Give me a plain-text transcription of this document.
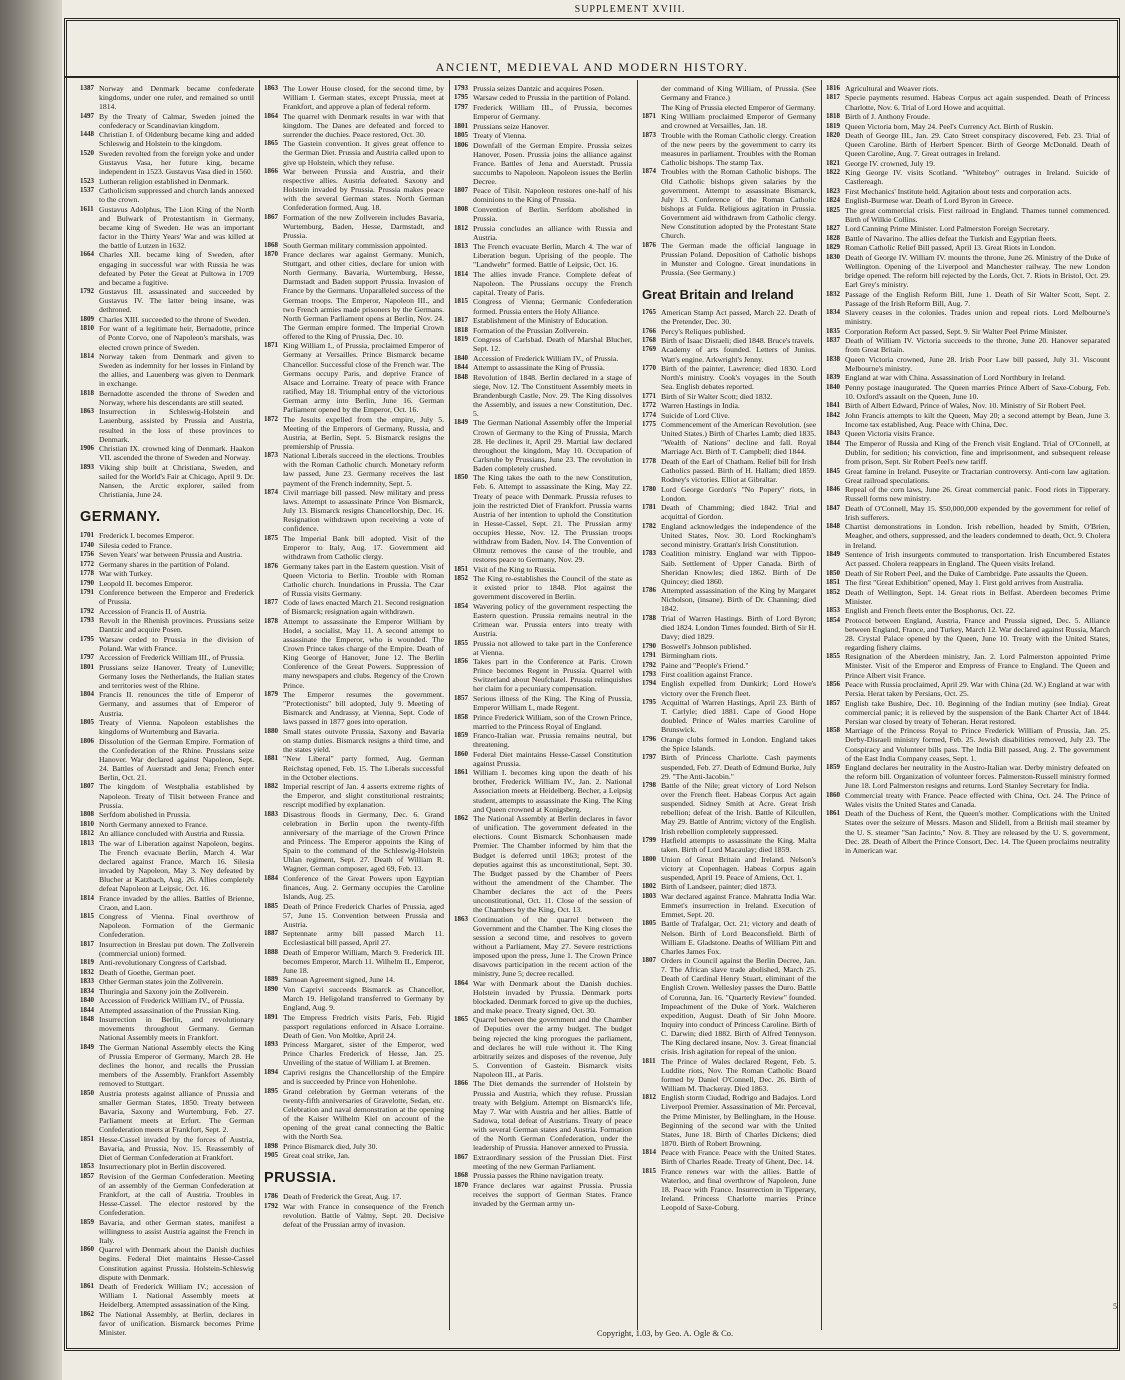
SUPPLEMENT XVIII.
ANCIENT, MEDIEVAL AND MODERN HISTORY.
1387 Norway and Denmark became confederate kingdoms, under one ruler, and remained so until 1814.
1497 By the Treaty of Calmar, Sweden joined the confederacy or Scandinavian kingdom.
1448 Christian I. of Oldenburg became king and added Schleswig and Holstein to the kingdom.
1520 Sweden revolted from the foreign yoke and under Gustavus Vasa, her future king, became independent in 1523. Gustavus Vasa died in 1560.
1523 Lutheran religion established in Denmark.
1537 Catholicism suppressed and church lands annexed to the crown.
1611 Gustavus Adolphus, The Lion King of the North and Bulwark of Protestantism in Germany, became king of Sweden. He was an important factor in the Thirty Years' War and was killed at the battle of Lutzen in 1632.
1664 Charles XII. became king of Sweden, after engaging in successful war with Russia he was defeated by Peter the Great at Pultowa in 1709 and became a fugitive.
1792 Gustavus III. assassinated and succeeded by Gustavus IV. The latter being insane, was dethroned.
1809 Charles XIII. succeeded to the throne of Sweden.
1810 For want of a legitimate heir, Bernadotte, prince of Ponte Corvo, one of Napoleon's marshals, was elected crown prince of Sweden.
1814 Norway taken from Denmark and given to Sweden as indemnity for her losses in Finland by the allies, and Lauenberg was given to Denmark in exchange.
1818 Bernadotte ascended the throne of Sweden and Norway, where his descendants are still seated.
1863 Insurrection in Schleswig-Holstein and Lauenburg, assisted by Prussia and Austria, resulted in the loss of these provinces to Denmark.
1906 Christian IX. crowned king of Denmark. Haakon VII. ascended the throne of Sweden and Norway.
1893 Viking ship built at Christiana, Sweden, and sailed for the World's Fair at Chicago, April 9. Dr. Nansen, the Arctic explorer, sailed from Christiania, June 24.
GERMANY.
1701 Frederick I. becomes Emperor.
1740 Silesia ceded to France.
1756 Seven Years' war between Prussia and Austria.
1772 Germany shares in the partition of Poland.
1778 War with Turkey.
1790 Leopold II. becomes Emperor.
1791 Conference between the Emperor and Frederick of Prussia.
1792 Accession of Francis II. of Austria.
1793 Revolt in the Rhenish provinces. Prussians seize Dantzic and acquire Posen.
1795 Warsaw ceded to Prussia in the division of Poland. War with France.
1797 Accession of Frederick William III., of Prussia.
1801 Prussians seize Hanover. Treaty of Luneville; Germany loses the Netherlands, the Italian states and territories west of the Rhine.
1804 Francis II. renounces the title of Emperor of Germany, and assumes that of Emperor of Austria.
1805 Treaty of Vienna. Napoleon establishes the kingdoms of Wurtemburg and Bavaria.
1806 Dissolution of the German Empire. Formation of the Confederation of the Rhine. Prussians seize Hanover. War declared against Napoleon, Sept. 24. Battles of Auerstadt and Jena; French enter Berlin, Oct. 21.
1807 The kingdom of Westphalia established by Napoleon. Treaty of Tilsit between France and Prussia.
1808 Serfdom abolished in Prussia.
1810 North Germany annexed to France.
1812 An alliance concluded with Austria and Russia.
1813 The war of Liberation against Napoleon, begins. The French evacuate Berlin, March 4. War declared against France, March 16. Silesia invaded by Napoleon, May 3. Ney defeated by Blucher at Katzbach, Aug. 26. Allies completely defeat Napoleon at Leipsic, Oct. 16.
1814 France invaded by the allies. Battles of Brienne, Craon, and Laon.
1815 Congress of Vienna. Final overthrow of Napoleon. Formation of the Germanic Confederation.
1817 Insurrection in Breslau put down. The Zollverein (commercial union) formed.
1819 Anti-revolutionary Congress of Carlsbad.
1832 Death of Goethe, German poet.
1833 Other German states join the Zollverein.
1834 Thuringia and Saxony join the Zollverein.
1840 Accession of Frederick William IV., of Prussia.
1844 Attempted assassination of the Prussian King.
1848 Insurrection in Berlin, and revolutionary movements throughout Germany. German National Assembly meets in Frankfort.
1849 The German National Assembly elects the King of Prussia Emperor of Germany, March 28. He declines the honor, and recalls the Prussian members of the Assembly. Frankfort Assembly removed to Stuttgart.
1850 Austria protests against alliance of Prussia and smaller German States, 1850. Treaty between Bavaria, Saxony and Wurtemburg, Feb. 27. Parliament meets at Erfurt. The German Confederation meets at Frankfort, Sept. 2.
1851 Hesse-Cassel invaded by the forces of Austria, Bavaria, and Prussia, Nov. 15. Reassembly of Diet of German Confederation at Frankfort.
1853 Insurrectionary plot in Berlin discovered.
1857 Revision of the German Confederation. Meeting of an assembly of the German Confederation at Frankfort, at the call of Austria. Troubles in Hesse-Cassel. The elector restored by the Confederation.
1859 Bavaria, and other German states, manifest a willingness to assist Austria against the French in Italy.
1860 Quarrel with Denmark about the Danish duchies begins. Federal Diet maintains Hesse-Cassel Constitution against Prussia. Holstein-Schleswig dispute with Denmark.
1861 Death of Frederick William IV.; accession of William I. National Assembly meets at Heidelberg. Attempted assassination of the King.
1862 The National Assembly, at Berlin, declares in favor of unification. Bismarck becomes Prime Minister.
1863 The Lower House closed, for the second time, by William I. German states, except Prussia, meet at Frankfort, and approve a plan of federal reform.
1864 The quarrel with Denmark results in war with that kingdom. The Danes are defeated and forced to surrender the duchies. Peace restored, Oct. 30.
1865 The Gastein convention. It gives great offence to the German Diet. Prussia and Austria called upon to give up Holstein, which they refuse.
1866 War between Prussia and Austria, and their respective allies. Austria defeated. Saxony and Holstein invaded by Prussia. Prussia makes peace with the several German states. North German Confederation formed, Aug. 18.
1867 Formation of the new Zollverein includes Bavaria, Wurtemburg, Baden, Hesse, Darmstadt, and Prussia.
1868 South German military commission appointed.
1870 France declares war against Germany. Munich, Stuttgart, and other cities, declare for union with North Germany. Bavaria, Wurtemburg, Hesse, Darmstadt and Baden support Prussia. Invasion of France by the Germans. Unparalleled success of the German troops. The Emperor, Napoleon III., and two French armies made prisoners by the Germans. North German Parliament opens at Berlin, Nov. 24. The German empire formed. The Imperial Crown offered to the King of Prussia, Dec. 10.
1871 King William I., of Prussia, proclaimed Emperor of Germany at Versailles. Prince Bismarck became Chancellor. Successful close of the French war. The Germans occupy Paris, and deprive France of Alsace and Lorraine. Treaty of peace with France ratified, May 18. Triumphal entry of the victorious German army into Berlin, June 16. German Parliament opened by the Emperor, Oct. 16.
1872 The Jesuits expelled from the empire, July 5. Meeting of the Emperors of Germany, Russia, and Austria, at Berlin, Sept. 5. Bismarck resigns the premiership of Prussia.
1873 National Liberals succeed in the elections. Troubles with the Roman Catholic church. Monetary reform law passed, June 23. Germany receives the last payment of the French indemnity, Sept. 5.
1874 Civil marriage bill passed. New military and press laws. Attempt to assassinate Prince Von Bismarck, July 13. Bismarck resigns Chancellorship, Dec. 16. Resignation withdrawn upon receiving a vote of confidence.
1875 The Imperial Bank bill adopted. Visit of the Emperor to Italy, Aug. 17. Government aid withdrawn from Catholic clergy.
1876 Germany takes part in the Eastern question. Visit of Queen Victoria to Berlin. Trouble with Roman Catholic church. Inundations in Prussia. The Czar of Russia visits Germany.
1877 Code of laws enacted March 21. Second resignation of Bismarck; resignation again withdrawn.
1878 Attempt to assassinate the Emperor William by Hodel, a socialist, May 11. A second attempt to assassinate the Emperor, who is wounded. The Crown Prince takes charge of the Empire. Death of King George of Hanover, June 12. The Berlin Conference of the Great Powers. Suppression of many newspapers and clubs. Regency of the Crown Prince.
1879 The Emperor resumes the government. "Protectionists" bill adopted, July 9. Meeting of Bismarck and Andrassy, at Vienna, Sept. Code of laws passed in 1877 goes into operation.
1880 Small states outvote Prussia, Saxony and Bavaria on stamp duties. Bismarck resigns a third time, and the states yield.
1881 "New Liberal" party formed, Aug. German Reichstag opened, Feb. 15. The Liberals successful in the October elections.
1882 Imperial rescript of Jan. 4 asserts extreme rights of the Emperor, and slight constitutional restraints; rescript modified by explanation.
1883 Disastrous floods in Germany, Dec. 6. Grand celebration in Berlin upon the twenty-fifth anniversary of the marriage of the Crown Prince and Princess. The Emperor appoints the King of Spain to the command of the Schleswig-Holstein Uhlan regiment, Sept. 27. Death of William R. Wagner, German composer, aged 69, Feb. 13.
1884 Conference of the Great Powers upon Egyptian finances, Aug. 2. Germany occupies the Caroline Islands, Aug. 25.
1885 Death of Prince Frederick Charles of Prussia, aged 57, June 15. Convention between Prussia and Austria.
1887 Septennate army bill passed March 11. Ecclesiastical bill passed, April 27.
1888 Death of Emperor William, March 9. Frederick III. becomes Emperor, March 11. Wilhelm II., Emperor, June 18.
1889 Samoan Agreement signed, June 14.
1890 Von Caprivi succeeds Bismarck as Chancellor, March 19. Heligoland transferred to Germany by England, Aug. 9.
1891 The Empress Fredrich visits Paris, Feb. Rigid passport regulations enforced in Alsace Lorraine. Death of Gen. Von Moltke, April 24.
1893 Princess Margaret, sister of the Emperor, wed Prince Charles Frederick of Hesse, Jan. 25. Unveiling of the statue of William I. at Bremen.
1894 Caprivi resigns the Chancellorship of the Empire and is succeeded by Prince von Hohenlohe.
1895 Grand celebration by German veterans of the twenty-fifth anniversaries of Gravelotte, Sedan, etc. Celebration and naval demonstration at the opening of the Kaiser Wilhelm Kiel on account of the opening of the great canal connecting the Baltic with the North Sea.
1898 Prince Bismarck died, July 30.
1905 Great coal strike, Jan.
PRUSSIA.
1786 Death of Frederick the Great, Aug. 17.
1792 War with France in consequence of the French revolution. Battle of Valmy, Sept. 20. Decisive defeat of the Prussian army of invasion.
1793 Prussia seizes Dantzic and acquires Posen.
1795 Warsaw ceded to Prussia in the partition of Poland.
1797 Frederick William III., of Prussia, becomes Emperor of Germany.
1801 Prussians seize Hanover.
1805 Treaty of Vienna.
1806 Downfall of the German Empire. Prussia seizes Hanover, Posen. Prussia joins the alliance against France. Battles of Jena and Auerstadt. Prussia succumbs to Napoleon. Napoleon issues the Berlin Decree.
1807 Peace of Tilsit. Napoleon restores one-half of his dominions to the King of Prussia.
1808 Convention of Berlin. Serfdom abolished in Prussia.
1812 Prussia concludes an alliance with Russia and Austria.
1813 The French evacuate Berlin, March 4. The war of Liberation begun. Uprising of the people. The "Landwehr" formed. Battle of Leipsic, Oct. 16.
1814 The allies invade France. Complete defeat of Napoleon. The Prussians occupy the French capital. Treaty of Paris.
1815 Congress of Vienna; Germanic Confederation formed. Prussia enters the Holy Alliance.
1817 Establishment of the Ministry of Education.
1818 Formation of the Prussian Zollverein.
1819 Congress of Carlsbad. Death of Marshal Blucher, Sept. 12.
1840 Accession of Frederick William IV., of Prussia.
1844 Attempt to assassinate the King of Prussia.
1848 Revolution of 1848. Berlin declared in a stage of siege, Nov. 12. The Constituent Assembly meets in Brandenburgh Castle, Nov. 29. The King dissolves the Assembly, and issues a new Constitution, Dec. 5.
1849 The German National Assembly offer the Imperial Crown of Germany to the King of Prussia, March 28. He declines it, April 29. Martial law declared throughout the kingdom, May 10. Occupation of Carlsruhe by Prussians, June 23. The revolution in Baden completely crushed.
1850 The King takes the oath to the new Constitution, Feb. 6. Attempt to assassinate the King, May 22. Treaty of peace with Denmark. Prussia refuses to join the restricted Diet of Frankfort. Prussia warns Austria of her intention to uphold the Constitution in Hesse-Cassel, Sept. 21. The Prussian army occupies Hesse, Nov. 12. The Prussian troops withdraw from Baden, Nov. 14. The Convention of Olmutz removes the cause of the trouble, and restores peace to Germany, Nov. 29.
1851 Visit of the King to Russia.
1852 The King re-establishes the Council of the state as it existed prior to 1848. Plot against the government discovered in Berlin.
1854 Wavering policy of the government respecting the Eastern question. Prussia remains neutral in the Crimean war. Prussia enters into treaty with Austria.
1855 Prussia not allowed to take part in the Conference at Vienna.
1856 Takes part in the Conference at Paris. Crown Prince becomes Regent in Prussia. Quarrel with Switzerland about Neufchatel. Prussia relinquishes her claim for a pecuniary compensation.
1857 Serious illness of the King. The King of Prussia, Emperor William I., made Regent.
1858 Prince Frederick William, son of the Crown Prince, married to the Princess Royal of England.
1859 Franco-Italian war. Prussia remains neutral, but threatening.
1860 Federal Diet maintains Hesse-Cassel Constitution against Prussia.
1861 William I. becomes king upon the death of his brother, Frederick William IV., Jan. 2. National Association meets at Heidelberg. Becher, a Leipsig student, attempts to assassinate the King. The King and Queen crowned at Konigsberg.
1862 The National Assembly at Berlin declares in favor of unification. The government defeated in the elections. Count Bismarck Schonhausen made Premier. The Chamber informed by him that the Budget is deferred until 1863; protest of the deputies against this as unconstitutional, Sept. 30. The Budget passed by the Chamber of Peers without the amendment of the Chamber. The Chamber declares the act of the Peers unconstitutional, Oct. 11. Close of the session of the Chambers by the King, Oct. 13.
1863 Continuation of the quarrel between the Government and the Chamber. The King closes the session a second time, and resolves to govern without a Parliament, May 27. Severe restrictions imposed upon the press, June 1. The Crown Prince disavows participation in the recent action of the ministry, June 5; decree recalled.
1864 War with Denmark about the Danish duchies. Holstein invaded by Prussia. Denmark ports blockaded. Denmark forced to give up the duchies, and make peace. Treaty signed, Oct. 30.
1865 Quarrel between the government and the Chamber of Deputies over the army budget. The budget being rejected the king prorogues the parliament, and declares he will rule without it. The King arbitrarily seizes and disposes of the revenue, July 5. Convention of Gastein. Bismarck visits Napoleon III., at Paris.
1866 The Diet demands the surrender of Holstein by Prussia and Austria, which they refuse. Prussian treaty with Belgium. Attempt on Bismarck's life, May 7. War with Austria and her allies. Battle of Sadowa, total defeat of Austrians. Treaty of peace with several German states and Austria. Formation of the North German Confederation, under the leadership of Prussia. Hanover annexed to Prussia.
1867 Extraordinary session of the Prussian Diet. First meeting of the new German Parliament.
1868 Prussia passes the Rhine navigation treaty.
1870 France declares war against Prussia. Prussia receives the support of German States. France invaded by the German army un-
der command of King William, of Prussia. (See Germany and France.)
The King of Prussia elected Emperor of Germany.
1871 King William proclaimed Emperor of Germany and crowned at Versailles, Jan. 18.
1873 Trouble with the Roman Catholic clergy. Creation of the new peers by the government to carry its measures in parliament. Troubles with the Roman Catholic bishops. The stamp Tax.
1874 Troubles with the Roman Catholic bishops. The Old Catholic bishops given salaries by the government. Attempt to assassinate Bismarck, July 13. Conference of the Roman Catholic bishops at Fulda. Religious agitation in Prussia. Government aid withdrawn from Catholic clergy. New Constitution adopted by the Protestant State Church.
1876 The German made the official language in Prussian Poland. Deposition of Catholic bishops in Munster and Cologne. Great inundations in Prussia. (See Germany.)
Great Britain and Ireland
1765 American Stamp Act passed, March 22. Death of the Pretender, Dec. 30.
1766 Percy's Reliques published.
1768 Birth of Isaac Disraeli; died 1848. Bruce's travels.
1769 Academy of arts founded. Letters of Junius. Watt's engine. Arkwright's Jenny.
1770 Birth of the painter, Lawrence; died 1830. Lord North's ministry. Cook's voyages in the South Sea. English debates reported.
1771 Birth of Sir Walter Scott; died 1832.
1772 Warren Hastings in India.
1774 Suicide of Lord Clive.
1775 Commencement of the American Revolution. (see United States.) Birth of Charles Lamb; died 1835. "Wealth of Nations" decline and fall. Royal Marriage Act. Birth of T. Campbell; died 1844.
1778 Death of the Earl of Chatham. Relief bill for Irish Catholics passed. Birth of H. Hallam; died 1859. Rodney's victories. Elliot at Gibraltar.
1780 Lord George Gordon's "No Popery" riots, in London.
1781 Death of Chamming; died 1842. Trial and acquittal of Gordon.
1782 England acknowledges the independence of the United States, Nov. 30. Lord Rockingham's second ministry. Grattan's Irish Constitution.
1783 Coalition ministry. England war with Tippoo-Saib. Settlement of Upper Canada. Birth of Sheridan Knowles; died 1862. Birth of De Quincey; died 1860.
1786 Attempted assassination of the King by Margaret Nicholson, (insane). Birth of Dr. Channing; died 1842.
1788 Trial of Warren Hastings. Birth of Lord Byron; died 1824. London Times founded. Birth of Sir H. Davy; died 1829.
1790 Boswell's Johnson published.
1791 Birmingham riots.
1792 Paine and "People's Friend."
1793 First coalition against France.
1794 English expelled from Dunkirk; Lord Howe's victory over the French fleet.
1795 Acquittal of Warren Hastings, April 23. Birth of T. Carlyle; died 1881. Cape of Good Hope doubled. Prince of Wales marries Caroline of Brunswick.
1796 Orange clubs formed in London. England takes the Spice Islands.
1797 Birth of Princess Charlotte. Cash payments suspended, Feb. 27. Death of Edmund Burke, July 29. "The Anti-Jacobin."
1798 Battle of the Nile; great victory of Lord Nelson over the French fleet. Habeas Corpus Act again suspended. Sidney Smith at Acre. Great Irish rebellion; defeat of the Irish. Battle of Kilcullen, May 29. Battle of Antrim; victory of the English. Irish rebellion completely suppressed.
1799 Hatfield attempts to assassinate the King. Malta taken. Birth of Lord Macaulay; died 1859.
1800 Union of Great Britain and Ireland. Nelson's victory at Copenhagen. Habeas Corpus again suspended, April 19. Peace of Amiens, Oct. 1.
1802 Birth of Landseer, painter; died 1873.
1803 War declared against France. Mahratta India War. Emmet's insurrection in Ireland. Execution of Emmet, Sept. 20.
1805 Battle of Trafalgar, Oct. 21; victory and death of Nelson. Birth of Lord Beaconsfield. Birth of William E. Gladstone. Deaths of William Pitt and Charles James Fox.
1807 Orders in Council against the Berlin Decree, Jan. 7. The African slave trade abolished, March 25. Death of Cardinal Henry Stuart, eliminant of the English Crown. Wellesley passes the Duro. Battle of Corunna, Jan. 16. "Quarterly Review" founded. Impeachment of the Duke of York. Walcheren expedition, August. Death of Sir John Moore. Inquiry into conduct of Princess Caroline. Birth of C. Darwin; died 1882. Birth of Alfred Tennyson. The King declared insane, Nov. 3. Great financial crisis. Irish agitation for repeal of the union.
1811 The Prince of Wales declared Regent, Feb. 5. Luddite riots, Nov. The Roman Catholic Board formed by Daniel O'Connell, Dec. 26. Birth of William M. Thackeray. Died 1863.
1812 English storm Ciudad, Rodrigo and Badajos. Lord Liverpool Premier. Assassination of Mr. Perceval, the Prime Minister, by Bellingham, in the House. Beginning of the second war with the United States, June 18. Birth of Charles Dickens; died 1870. Birth of Robert Browning.
1814 Peace with France. Peace with the United States. Birth of Charles Reade. Treaty of Ghent, Dec. 14.
1815 France renews war with the allies. Battle of Waterloo, and final overthrow of Napoleon, June 18. Peace with France. Insurrection in Tipperary, Ireland. Princess Charlotte marries Prince Leopold of Saxe-Coburg.
1816 Agricultural and Weaver riots.
1817 Specie payments resumed. Habeas Corpus act again suspended. Death of Princess Charlotte, Nov. 6. Trial of Lord Howe and acquittal.
1818 Birth of J. Anthony Froude.
1819 Queen Victoria born, May 24. Peel's Currency Act. Birth of Ruskin.
1820 Death of George III., Jan. 29. Cato Street conspiracy discovered, Feb. 23. Trial of Queen Caroline. Birth of Herbert Spencer. Birth of George McDonald. Death of Queen Caroline, Aug. 7. Great outrages in Ireland.
1821 George IV. crowned, July 19.
1822 King George IV. visits Scotland. "Whiteboy" outrages in Ireland. Suicide of Castlereagh.
1823 First Mechanics' Institute held. Agitation about tests and corporation acts.
1824 English-Burmese war. Death of Lord Byron in Greece.
1825 The great commercial crisis. First railroad in England. Thames tunnel commenced. Birth of Wilkie Collins.
1827 Lord Canning Prime Minister. Lord Palmerston Foreign Secretary.
1828 Battle of Navarino. The allies defeat the Turkish and Egyptian fleets.
1829 Roman Catholic Relief Bill passed, April 13. Great Riots in London.
1830 Death of George IV. William IV. mounts the throne, June 26. Ministry of the Duke of Wellington. Opening of the Liverpool and Manchester railway. The new London bridge opened. The reform bill rejected by the Lords, Oct. 7. Riots in Bristol, Oct. 29. Earl Grey's ministry.
1832 Passage of the English Reform Bill, June 1. Death of Sir Walter Scott, Sept. 2. Passage of the Irish Reform Bill, Aug. 7.
1834 Slavery ceases in the colonies. Trades union and repeal riots. Lord Melbourne's ministry.
1835 Corporation Reform Act passed, Sept. 9. Sir Walter Peel Prime Minister.
1837 Death of William IV. Victoria succeeds to the throne, June 20. Hanover separated from Great Britain.
1838 Queen Victoria crowned, June 28. Irish Poor Law bill passed, July 31. Viscount Melbourne's ministry.
1839 England at war with China. Assassination of Lord Northbury in Ireland.
1840 Penny postage inaugurated. The Queen marries Prince Albert of Saxe-Coburg, Feb. 10. Oxford's assault on the Queen, June 10.
1841 Birth of Albert Edward, Prince of Wales, Nov. 10. Ministry of Sir Robert Peel.
1842 John Francis attempts to kilt the Queen, May 20; a second attempt by Bean, June 3. Income tax established, Aug. Peace with China, Dec.
1843 Queen Victoria visits France.
1844 The Emperor of Russia and King of the French visit England. Trial of O'Connell, at Dublin, for sedition; his conviction, fine and imprisonment, and subsequent release from prison, Sept. Sir Robert Peel's new tariff.
1845 Great famine in Ireland. Puseyite or Tractarian controversy. Anti-corn law agitation. Great railroad speculations.
1846 Repeal of the corn laws, June 26. Great commercial panic. Food riots in Tipperary. Russell forms new ministry.
1847 Death of O'Connell, May 15. $50,000,000 expended by the government for relief of Irish sufferers.
1848 Chartist demonstrations in London. Irish rebellion, headed by Smith, O'Brien, Meagher, and others, suppressed, and the leaders condemned to death, Oct. 9. Cholera in Ireland.
1849 Sentence of Irish insurgents commuted to transportation. Irish Encumbered Estates Act passed. Cholera reappears in England. The Queen visits Ireland.
1850 Death of Sir Robert Peel, and the Duke of Cambridge. Pate assaults the Queen.
1851 The first "Great Exhibition" opened, May 1. First gold arrives from Australia.
1852 Death of Wellington, Sept. 14. Great riots in Belfast. Aberdeen becomes Prime Minister.
1853 English and French fleets enter the Bosphorus, Oct. 22.
1854 Protocol between England, Austria, France and Prussia signed, Dec. 5. Alliance between England, France, and Turkey, March 12. War declared against Russia, March 28. Crystal Palace opened by the Queen, June 10. Treaty with the United States, regarding fishery claims.
1855 Resignation of the Aberdeen ministry, Jan. 2. Lord Palmerston appointed Prime Minister. Visit of the Emperor and Empress of France to England. The Queen and Prince Albert visit France.
1856 Peace with Russia proclaimed, April 29. War with China (2d. W.) England at war with Persia. Herat taken by Persians, Oct. 25.
1857 English take Bushire, Dec. 10. Beginning of the Indian mutiny (see India). Great commercial panic; it is relieved by the suspension of the Bank Charter Act of 1844. Persian war closed by treaty of Teheran. Herat restored.
1858 Marriage of the Princess Royal to Prince Frederick William of Prussia, Jan. 25. Derby-Disraeli ministry formed, Feb. 25. Jewish disabilities removed, July 23. The Conspiracy and Volunteer bills pass. The India Bill passed, Aug. 2. The government of the East India Company ceases, Sept. 1.
1859 England declares her neutrality in the Austro-Italian war. Derby ministry defeated on the reform bill. Organization of volunteer forces. Palmerston-Russell ministry formed June 18. Lord Palmerston resigns and returns. Lord Stanley Secretary for India.
1860 Commercial treaty with France. Peace effected with China, Oct. 24. The Prince of Wales visits the United States and Canada.
1861 Death of the Duchess of Kent, the Queen's mother. Complications with the United States over the seizure of Messrs. Mason and Slidell, from a British mail steamer by the U. S. steamer "San Jacinto," Nov. 8. They are released by the U. S. government, Dec. 28. Death of Albert the Prince Consort, Dec. 14. The Queen proclaims neutrality in American war.
Copyright, 1.03, by Geo. A. Ogle & Co.
5
